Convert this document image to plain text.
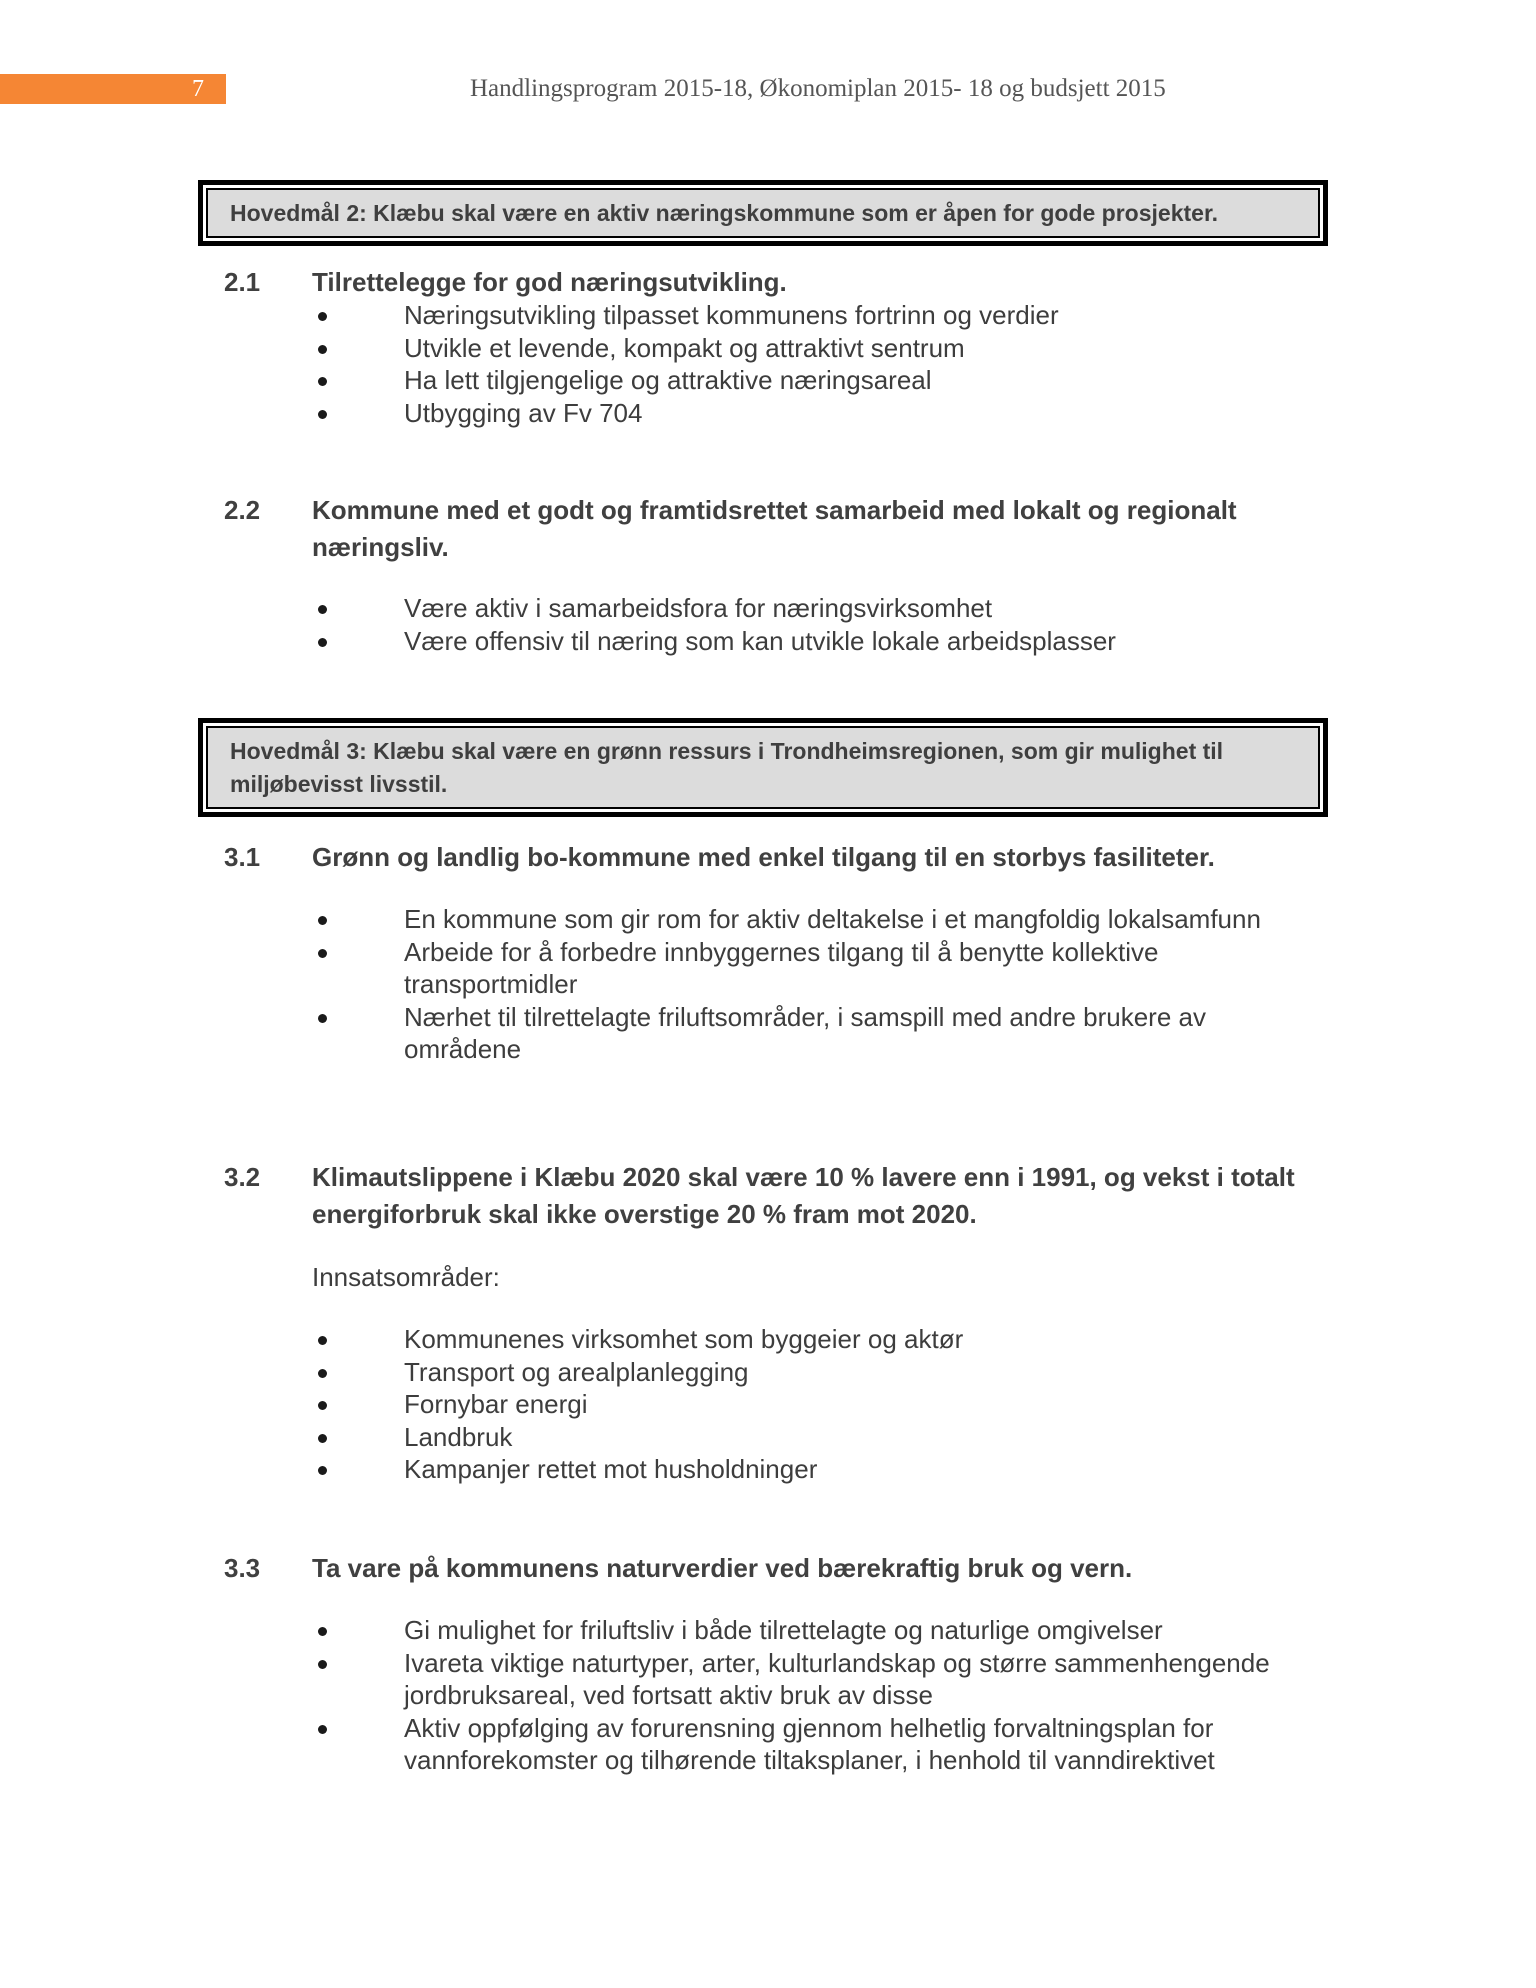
7	Handlingsprogram 2015-18, Økonomiplan 2015- 18 og budsjett 2015
Hovedmål 2: Klæbu skal være en aktiv næringskommune som er åpen for gode prosjekter.
2.1	Tilrettelegge for god næringsutvikling.
Næringsutvikling tilpasset kommunens fortrinn og verdier
Utvikle et levende, kompakt og attraktivt sentrum
Ha lett tilgjengelige og attraktive næringsareal
Utbygging av Fv 704
2.2	Kommune med et godt og framtidsrettet samarbeid med lokalt og regionalt næringsliv.
Være aktiv i samarbeidsfora for næringsvirksomhet
Være offensiv til næring som kan utvikle lokale arbeidsplasser
Hovedmål 3: Klæbu skal være en grønn ressurs i Trondheimsregionen, som gir mulighet til miljøbevisst livsstil.
3.1	Grønn og landlig bo-kommune med enkel tilgang til en storbys fasiliteter.
En kommune som gir rom for aktiv deltakelse i et mangfoldig lokalsamfunn
Arbeide for å forbedre innbyggernes tilgang til å benytte kollektive transportmidler
Nærhet til tilrettelagte friluftsområder, i samspill med andre brukere av områdene
3.2	Klimautslippene i Klæbu 2020 skal være 10 % lavere enn i 1991, og vekst i totalt energiforbruk skal ikke overstige 20 % fram mot 2020.
Innsatsområder:
Kommunenes virksomhet som byggeier og aktør
Transport og arealplanlegging
Fornybar energi
Landbruk
Kampanjer rettet mot husholdninger
3.3	Ta vare på kommunens naturverdier ved bærekraftig bruk og vern.
Gi mulighet for friluftsliv i både tilrettelagte og naturlige omgivelser
Ivareta viktige naturtyper, arter, kulturlandskap og større sammenhengende jordbruksareal, ved fortsatt aktiv bruk av disse
Aktiv oppfølging av forurensning gjennom helhetlig forvaltningsplan for vannforekomster og tilhørende tiltaksplaner, i henhold til vanndirektivet
